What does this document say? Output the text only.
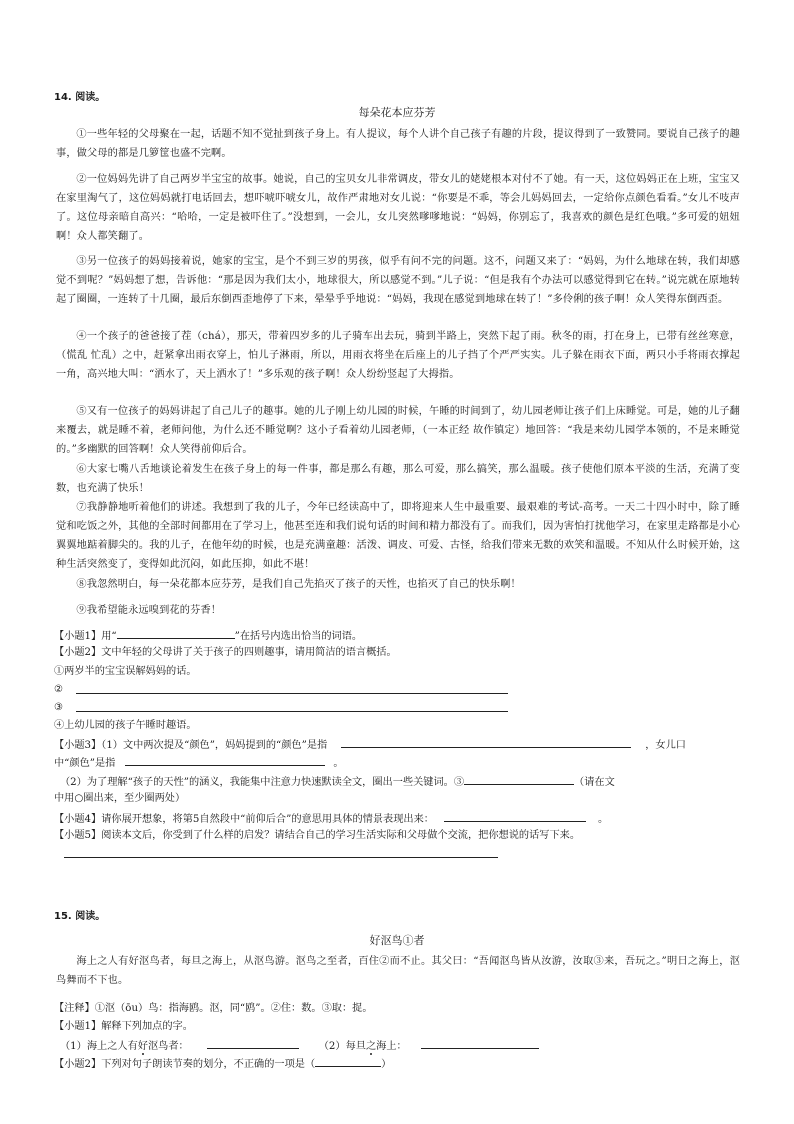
14. 阅读。
每朵花本应芬芳
①一些年轻的父母聚在一起，话题不知不觉扯到孩子身上。有人提议，每个人讲个自己孩子有趣的片段，提议得到了一致赞同。要说自己孩子的趣事，做父母的都是几箩筐也盛不完啊。
②一位妈妈先讲了自己两岁半宝宝的故事。她说，自己的宝贝女儿非常调皮，带女儿的姥姥根本对付不了她。有一天，这位妈妈正在上班，宝宝又在家里淘气了，这位妈妈就打电话回去，想吓唬吓唬女儿，故作严肃地对女儿说：“你要是不乖，等会儿妈妈回去，一定给你点颜色看看。”女儿不吱声了。这位母亲暗自高兴：“哈哈，一定是被吓住了。”没想到，一会儿，女儿突然嗲嗲地说：“妈妈，你别忘了，我喜欢的颜色是红色哦。”多可爱的妞妞啊！众人都笑翻了。
③另一位孩子的妈妈接着说，她家的宝宝，是个不到三岁的男孩，似乎有问不完的问题。这不，问题又来了：“妈妈，为什么地球在转，我们却感觉不到呢？”妈妈想了想，告诉他：“那是因为我们太小，地球很大，所以感觉不到。”儿子说：“但是我有个办法可以感觉得到它在转。”说完就在原地转起了圈圈，一连转了十几圈，最后东倒西歪地停了下来，晕晕乎乎地说：“妈妈，我现在感觉到地球在转了！”多伶俐的孩子啊！众人笑得东倒西歪。
④一个孩子的爸爸接了茬（chá），那天，带着四岁多的儿子骑车出去玩，骑到半路上，突然下起了雨。秋冬的雨，打在身上，已带有丝丝寒意，（慌乱 忙乱）之中，赶紧拿出雨衣穿上，怕儿子淋雨，所以，用雨衣将坐在后座上的儿子挡了个严严实实。儿子躲在雨衣下面，两只小手将雨衣撑起一角，高兴地大叫：“洒水了，天上洒水了！”多乐观的孩子啊！众人纷纷竖起了大拇指。
⑤又有一位孩子的妈妈讲起了自己儿子的趣事。她的儿子刚上幼儿园的时候，午睡的时间到了，幼儿园老师让孩子们上床睡觉。可是，她的儿子翻来覆去，就是睡不着，老师问他，为什么还不睡觉啊？这小子看着幼儿园老师，（一本正经 故作镇定）地回答：“我是来幼儿园学本领的，不是来睡觉的。”多幽默的回答啊！众人笑得前仰后合。
⑥大家七嘴八舌地谈论着发生在孩子身上的每一件事，都是那么有趣，那么可爱，那么搞笑，那么温暖。孩子使他们原本平淡的生活，充满了变数，也充满了快乐！
⑦我静静地听着他们的讲述。我想到了我的儿子，今年已经读高中了，即将迎来人生中最重要、最艰难的考试-高考。一天二十四小时中，除了睡觉和吃饭之外，其他的全部时间都用在了学习上，他甚至连和我们说句话的时间和精力都没有了。而我们，因为害怕打扰他学习，在家里走路都是小心翼翼地踮着脚尖的。我的儿子，在他年幼的时候，也是充满童趣：活泼、调皮、可爱、古怪，给我们带来无数的欢笑和温暖。不知从什么时候开始，这种生活突然变了，变得如此沉闷，如此压抑，如此不堪！
⑧我忽然明白，每一朵花都本应芬芳，是我们自己先掐灭了孩子的天性，也掐灭了自己的快乐啊！
⑨我希望能永远嗅到花的芬香！
【小题1】用“	”在括号内选出恰当的词语。
【小题2】文中年轻的父母讲了关于孩子的四则趣事，请用简洁的语言概括。
①两岁半的宝宝误解妈妈的话。
②
③
④上幼儿园的孩子午睡时趣语。
【小题3】（1）文中两次提及“颜色”，妈妈提到的“颜色”是指	，女儿口
中“颜色”是指	。
（2）为了理解“孩子的天性”的涵义，我能集中注意力快速默读全文，圈出一些关键词。③	（请在文
中用○圈出来，至少圈两处）
【小题4】请你展开想象，将第5自然段中“前仰后合”的意思用具体的情景表现出来：	。
【小题5】阅读本文后，你受到了什么样的启发？请结合自己的学习生活实际和父母做个交流，把你想说的话写下来。
15. 阅读。
好沤鸟①者
海上之人有好沤鸟者，每旦之海上，从沤鸟游。沤鸟之至者，百住②而不止。其父曰：“吾闻沤鸟皆从汝游，汝取③来，吾玩之。”明日之海上，沤鸟舞而不下也。
【注释】①沤（ōu）鸟：指海鸥。沤，同“鸥”。②住：数。③取：捉。
【小题1】解释下列加点的字。
（1）海上之人有好沤鸟者：	（2）每旦之海上：
【小题2】下列对句子朗读节奏的划分，不正确的一项是（	）
